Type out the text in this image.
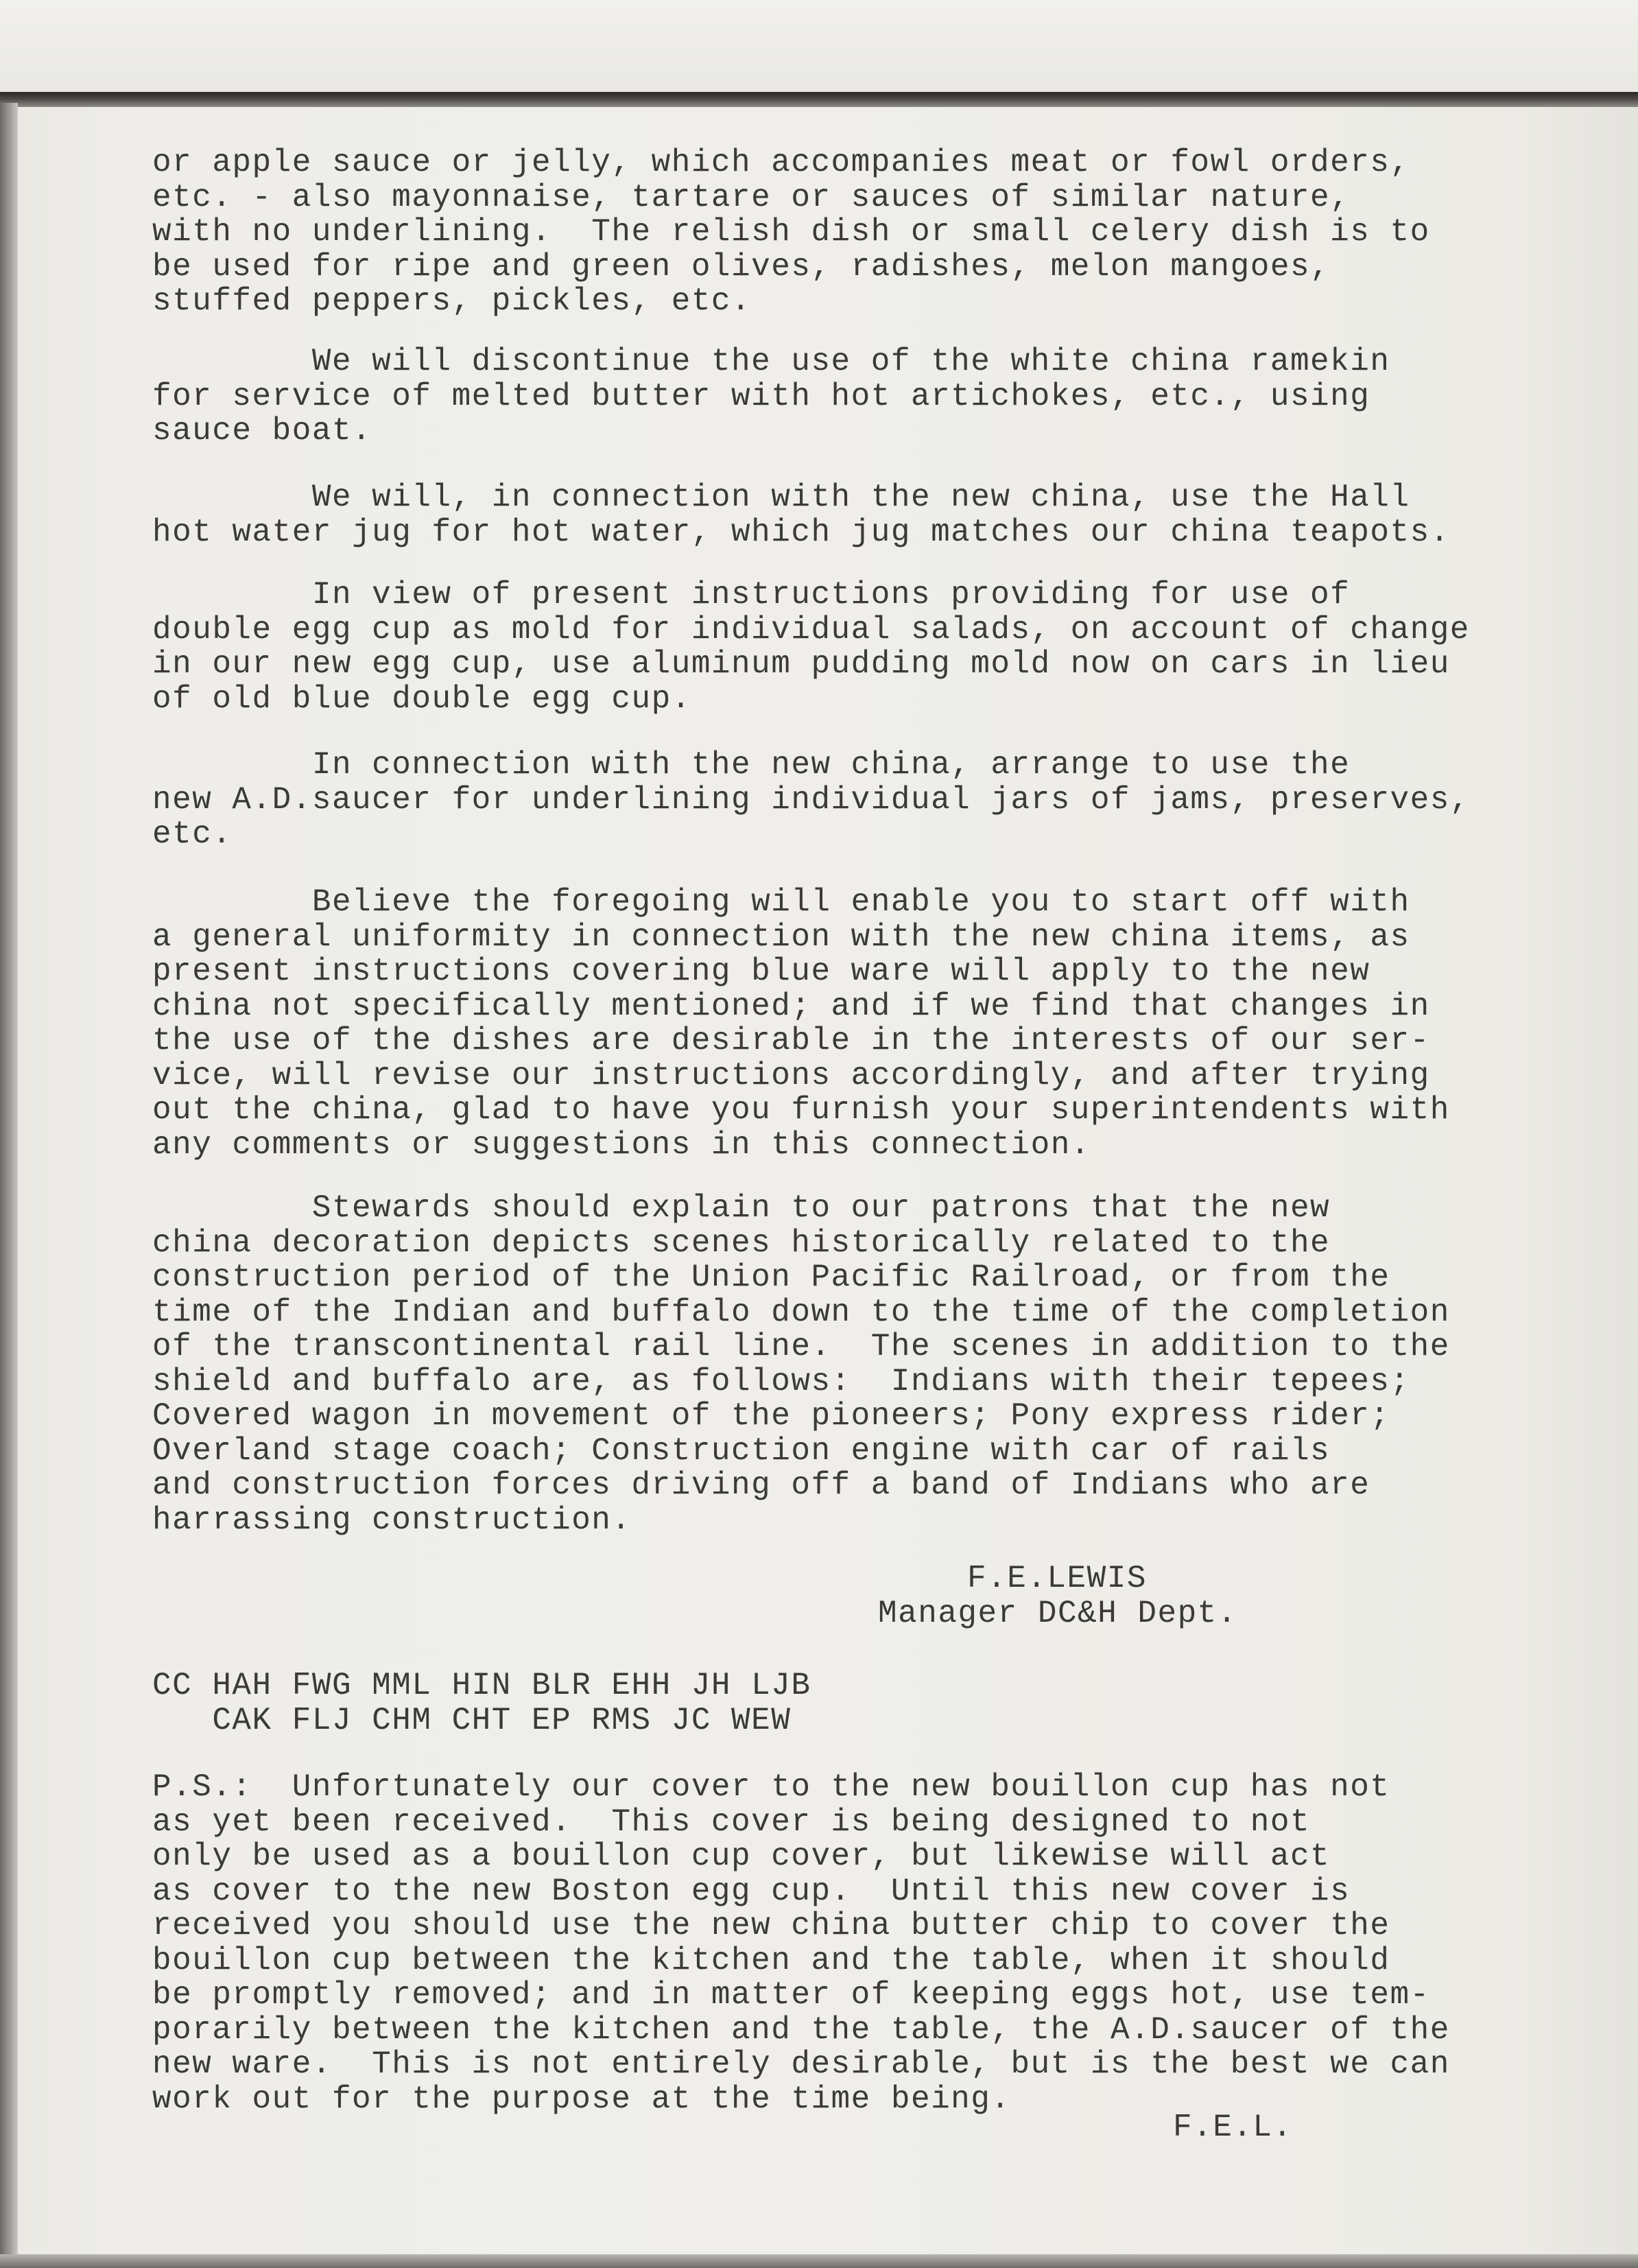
or apple sauce or jelly, which accompanies meat or fowl orders,
etc. - also mayonnaise, tartare or sauces of similar nature,
with no underlining.  The relish dish or small celery dish is to
be used for ripe and green olives, radishes, melon mangoes,
stuffed peppers, pickles, etc.
We will discontinue the use of the white china ramekin
for service of melted butter with hot artichokes, etc., using
sauce boat.
We will, in connection with the new china, use the Hall
hot water jug for hot water, which jug matches our china teapots.
In view of present instructions providing for use of
double egg cup as mold for individual salads, on account of change
in our new egg cup, use aluminum pudding mold now on cars in lieu
of old blue double egg cup.
In connection with the new china, arrange to use the
new A.D.saucer for underlining individual jars of jams, preserves,
etc.
Believe the foregoing will enable you to start off with
a general uniformity in connection with the new china items, as
present instructions covering blue ware will apply to the new
china not specifically mentioned; and if we find that changes in
the use of the dishes are desirable in the interests of our ser-
vice, will revise our instructions accordingly, and after trying
out the china, glad to have you furnish your superintendents with
any comments or suggestions in this connection.
Stewards should explain to our patrons that the new
china decoration depicts scenes historically related to the
construction period of the Union Pacific Railroad, or from the
time of the Indian and buffalo down to the time of the completion
of the transcontinental rail line.  The scenes in addition to the
shield and buffalo are, as follows:  Indians with their tepees;
Covered wagon in movement of the pioneers; Pony express rider;
Overland stage coach; Construction engine with car of rails
and construction forces driving off a band of Indians who are
harrassing construction.
F.E.LEWIS
Manager DC&H Dept.
CC HAH FWG MML HIN BLR EHH JH LJB
CAK FLJ CHM CHT EP RMS JC WEW
P.S.:  Unfortunately our cover to the new bouillon cup has not
as yet been received.  This cover is being designed to not
only be used as a bouillon cup cover, but likewise will act
as cover to the new Boston egg cup.  Until this new cover is
received you should use the new china butter chip to cover the
bouillon cup between the kitchen and the table, when it should
be promptly removed; and in matter of keeping eggs hot, use tem-
porarily between the kitchen and the table, the A.D.saucer of the
new ware.  This is not entirely desirable, but is the best we can
work out for the purpose at the time being.
F.E.L.
